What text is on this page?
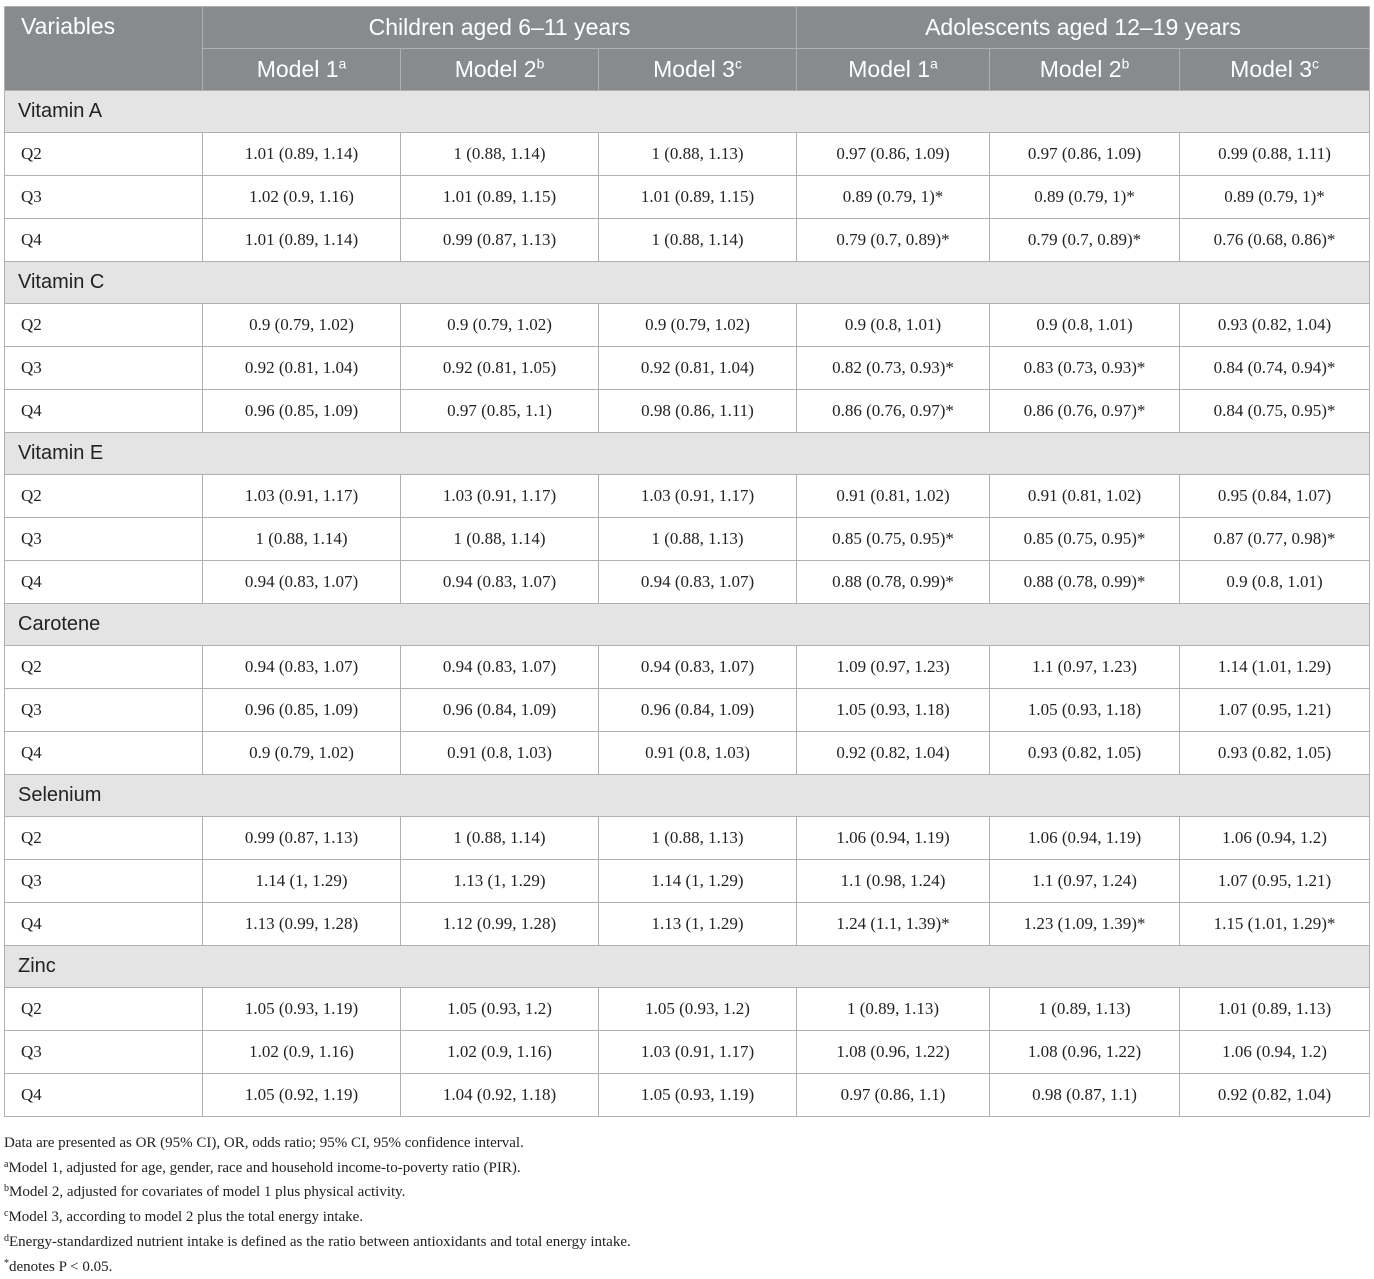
Variables	Children aged 6–11 years			Adolescents aged 12–19 years		
	Model 1$^a$	Model 2$^b$	Model 3$^c$	Model 1$^a$	Model 2$^b$	Model 3$^c$
Vitamin A						
Q2	1.01 (0.89, 1.14)	1 (0.88, 1.14)	1 (0.88, 1.13)	0.97 (0.86, 1.09)	0.97 (0.86, 1.09)	0.99 (0.88, 1.11)
Q3	1.02 (0.9, 1.16)	1.01 (0.89, 1.15)	1.01 (0.89, 1.15)	0.89 (0.79, 1)*	0.89 (0.79, 1)*	0.89 (0.79, 1)*
Q4	1.01 (0.89, 1.14)	0.99 (0.87, 1.13)	1 (0.88, 1.14)	0.79 (0.7, 0.89)*	0.79 (0.7, 0.89)*	0.76 (0.68, 0.86)*
Vitamin C						
Q2	0.9 (0.79, 1.02)	0.9 (0.79, 1.02)	0.9 (0.79, 1.02)	0.9 (0.8, 1.01)	0.9 (0.8, 1.01)	0.93 (0.82, 1.04)
Q3	0.92 (0.81, 1.04)	0.92 (0.81, 1.05)	0.92 (0.81, 1.04)	0.82 (0.73, 0.93)*	0.83 (0.73, 0.93)*	0.84 (0.74, 0.94)*
Q4	0.96 (0.85, 1.09)	0.97 (0.85, 1.1)	0.98 (0.86, 1.11)	0.86 (0.76, 0.97)*	0.86 (0.76, 0.97)*	0.84 (0.75, 0.95)*
Vitamin E						
Q2	1.03 (0.91, 1.17)	1.03 (0.91, 1.17)	1.03 (0.91, 1.17)	0.91 (0.81, 1.02)	0.91 (0.81, 1.02)	0.95 (0.84, 1.07)
Q3	1 (0.88, 1.14)	1 (0.88, 1.14)	1 (0.88, 1.13)	0.85 (0.75, 0.95)*	0.85 (0.75, 0.95)*	0.87 (0.77, 0.98)*
Q4	0.94 (0.83, 1.07)	0.94 (0.83, 1.07)	0.94 (0.83, 1.07)	0.88 (0.78, 0.99)*	0.88 (0.78, 0.99)*	0.9 (0.8, 1.01)
Carotene						
Q2	0.94 (0.83, 1.07)	0.94 (0.83, 1.07)	0.94 (0.83, 1.07)	1.09 (0.97, 1.23)	1.1 (0.97, 1.23)	1.14 (1.01, 1.29)
Q3	0.96 (0.85, 1.09)	0.96 (0.84, 1.09)	0.96 (0.84, 1.09)	1.05 (0.93, 1.18)	1.05 (0.93, 1.18)	1.07 (0.95, 1.21)
Q4	0.9 (0.79, 1.02)	0.91 (0.8, 1.03)	0.91 (0.8, 1.03)	0.92 (0.82, 1.04)	0.93 (0.82, 1.05)	0.93 (0.82, 1.05)
Selenium						
Q2	0.99 (0.87, 1.13)	1 (0.88, 1.14)	1 (0.88, 1.13)	1.06 (0.94, 1.19)	1.06 (0.94, 1.19)	1.06 (0.94, 1.2)
Q3	1.14 (1, 1.29)	1.13 (1, 1.29)	1.14 (1, 1.29)	1.1 (0.98, 1.24)	1.1 (0.97, 1.24)	1.07 (0.95, 1.21)
Q4	1.13 (0.99, 1.28)	1.12 (0.99, 1.28)	1.13 (1, 1.29)	1.24 (1.1, 1.39)*	1.23 (1.09, 1.39)*	1.15 (1.01, 1.29)*
Zinc						
Q2	1.05 (0.93, 1.19)	1.05 (0.93, 1.2)	1.05 (0.93, 1.2)	1 (0.89, 1.13)	1 (0.89, 1.13)	1.01 (0.89, 1.13)
Q3	1.02 (0.9, 1.16)	1.02 (0.9, 1.16)	1.03 (0.91, 1.17)	1.08 (0.96, 1.22)	1.08 (0.96, 1.22)	1.06 (0.94, 1.2)
Q4	1.05 (0.92, 1.19)	1.04 (0.92, 1.18)	1.05 (0.93, 1.19)	0.97 (0.86, 1.1)	0.98 (0.87, 1.1)	0.92 (0.82, 1.04)
Data are presented as OR (95% CI), OR, odds ratio; 95% CI, 95% confidence interval.
$^a$Model 1, adjusted for age, gender, race and household income-to-poverty ratio (PIR).
$^b$Model 2, adjusted for covariates of model 1 plus physical activity.
$^c$Model 3, according to model 2 plus the total energy intake.
$^d$Energy-standardized nutrient intake is defined as the ratio between antioxidants and total energy intake.
*denotes P < 0.05.
